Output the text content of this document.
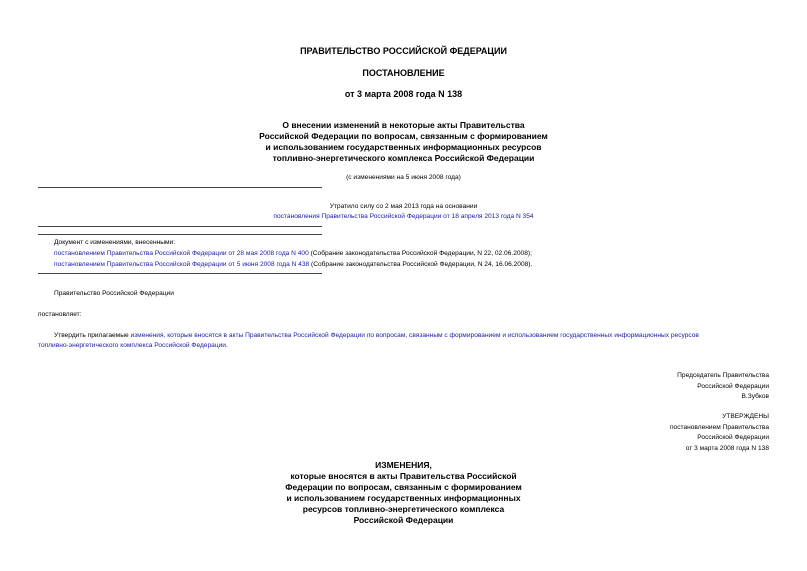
ПРАВИТЕЛЬСТВО РОССИЙСКОЙ ФЕДЕРАЦИИ
ПОСТАНОВЛЕНИЕ
от 3 марта 2008 года N 138
О внесении изменений в некоторые акты Правительства
Российской Федерации по вопросам, связанным с формированием
и использованием государственных информационных ресурсов
топливно-энергетического комплекса Российской Федерации
(с изменениями на 5 июня 2008 года)
Утратило силу со 2 мая 2013 года на основании
постановления Правительства Российской Федерации от 18 апреля 2013 года N 354
Документ с изменениями, внесенными:
постановлением Правительства Российской Федерации от 28 мая 2008 года N 400 (Собрание законодательства Российской Федерации, N 22, 02.06.2008);
постановлением Правительства Российской Федерации от 5 июня 2008 года N 438 (Собрание законодательства Российской Федерации, N 24, 16.06.2008).
Правительство Российской Федерации
постановляет:
Утвердить прилагаемые изменения, которые вносятся в акты Правительства Российской Федерации по вопросам, связанным с формированием и использованием государственных информационных ресурсов
топливно-энергетического комплекса Российской Федерации.
Председатель Правительства
Российской Федерации
В.Зубков
УТВЕРЖДЕНЫ
постановлением Правительства
Российской Федерации
от 3 марта 2008 года N 138
ИЗМЕНЕНИЯ,
которые вносятся в акты Правительства Российской
Федерации по вопросам, связанным с формированием
и использованием государственных информационных
ресурсов топливно-энергетического комплекса
Российской Федерации
